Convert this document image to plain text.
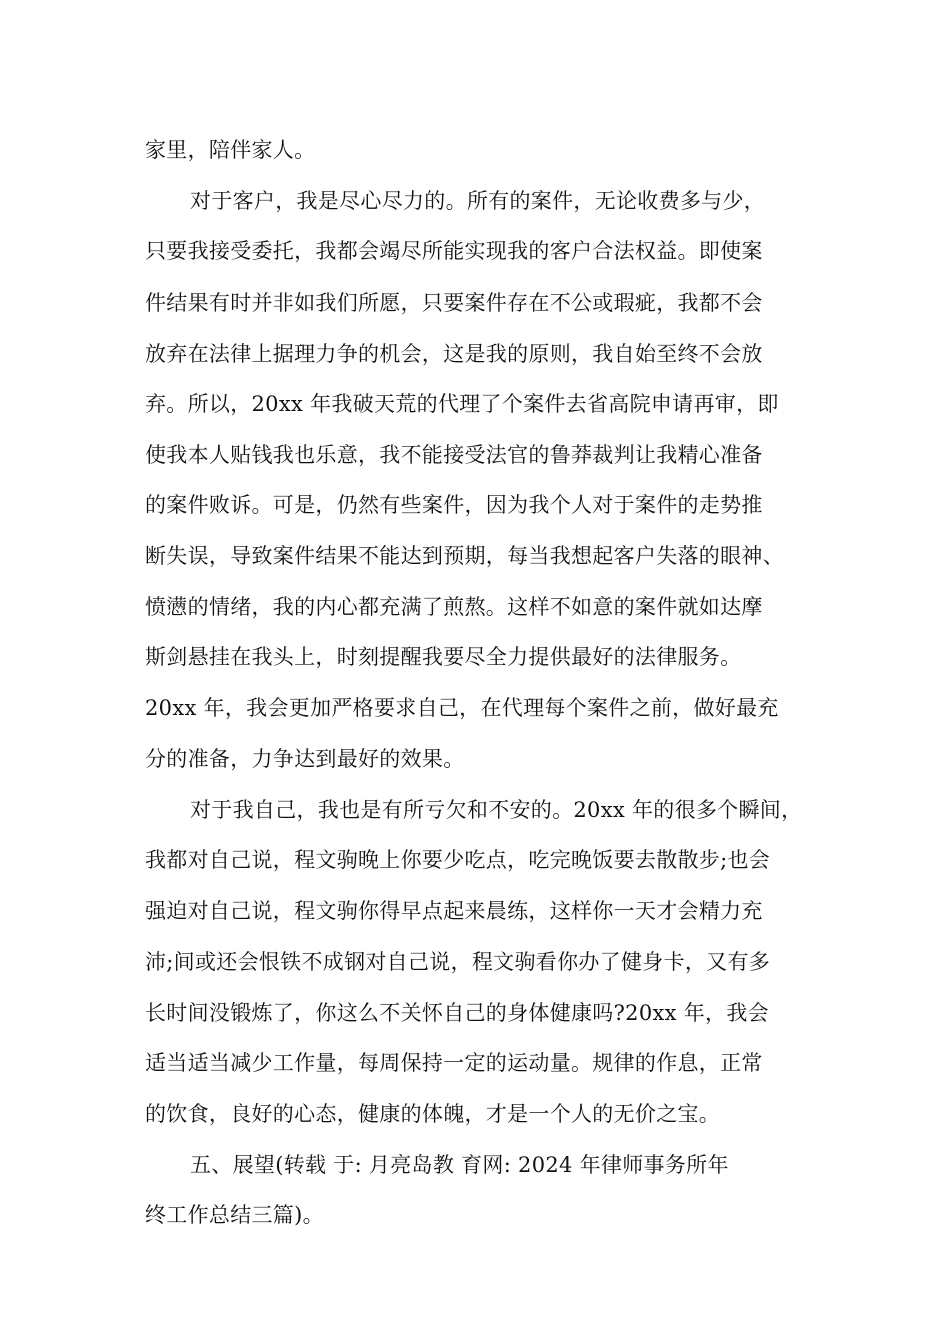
家里，陪伴家人。
对于客户，我是尽心尽力的。所有的案件，无论收费多与少，
只要我接受委托，我都会竭尽所能实现我的客户合法权益。即使案
件结果有时并非如我们所愿，只要案件存在不公或瑕疵，我都不会
放弃在法律上据理力争的机会，这是我的原则，我自始至终不会放
弃。所以，20xx 年我破天荒的代理了个案件去省高院申请再审，即
使我本人贴钱我也乐意，我不能接受法官的鲁莽裁判让我精心准备
的案件败诉。可是，仍然有些案件，因为我个人对于案件的走势推
断失误，导致案件结果不能达到预期，每当我想起客户失落的眼神、
愤懑的情绪，我的内心都充满了煎熬。这样不如意的案件就如达摩
斯剑悬挂在我头上，时刻提醒我要尽全力提供最好的法律服务。
20xx 年，我会更加严格要求自己，在代理每个案件之前，做好最充
分的准备，力争达到最好的效果。
对于我自己，我也是有所亏欠和不安的。20xx 年的很多个瞬间，
我都对自己说，程文驹晚上你要少吃点，吃完晚饭要去散散步;也会
强迫对自己说，程文驹你得早点起来晨练，这样你一天才会精力充
沛;间或还会恨铁不成钢对自己说，程文驹看你办了健身卡，又有多
长时间没锻炼了，你这么不关怀自己的身体健康吗?20xx 年，我会
适当适当减少工作量，每周保持一定的运动量。规律的作息，正常
的饮食，良好的心态，健康的体魄，才是一个人的无价之宝。
五、展望(转载 于: 月亮岛教 育网: 2024 年律师事务所年
终工作总结三篇)。
